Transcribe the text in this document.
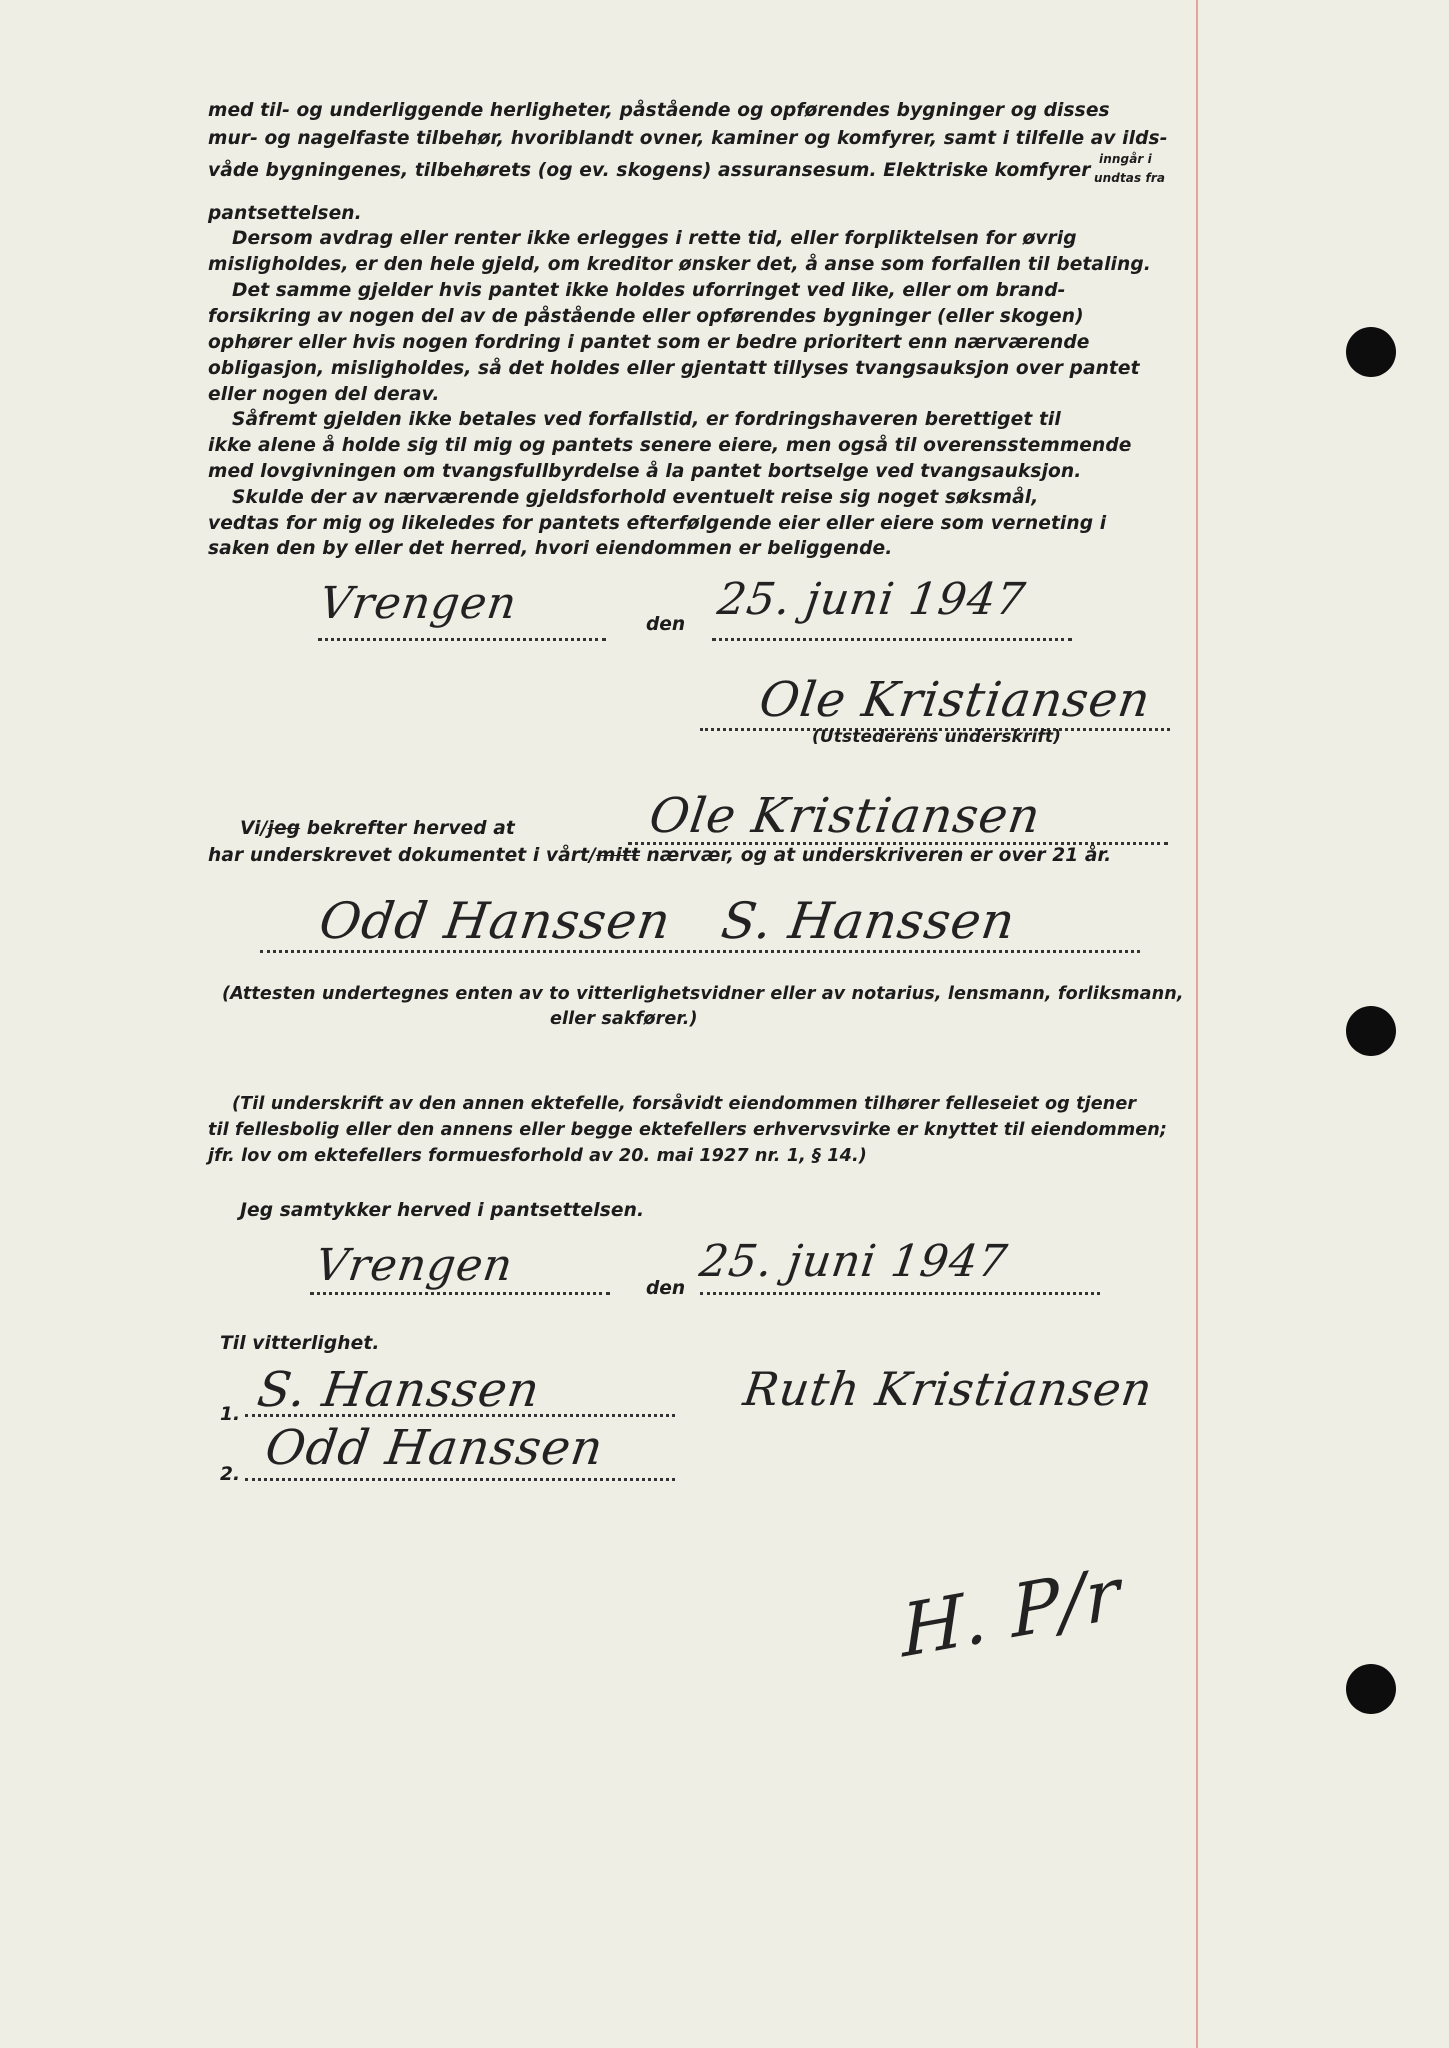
med til- og underliggende herligheter, påstående og opførendes bygninger og disses
mur- og nagelfaste tilbehør, hvoriblandt ovner, kaminer og komfyrer, samt i tilfelle av ilds-
våde bygningenes, tilbehørets (og ev. skogens) assuransesum. Elektriske komfyrer
inngår i
undtas fra
pantsettelsen.
Dersom avdrag eller renter ikke erlegges i rette tid, eller forpliktelsen for øvrig
misligholdes, er den hele gjeld, om kreditor ønsker det, å anse som forfallen til betaling.
Det samme gjelder hvis pantet ikke holdes uforringet ved like, eller om brand-
forsikring av nogen del av de påstående eller opførendes bygninger (eller skogen)
ophører eller hvis nogen fordring i pantet som er bedre prioritert enn nærværende
obligasjon, misligholdes, så det holdes eller gjentatt tillyses tvangsauksjon over pantet
eller nogen del derav.
Såfremt gjelden ikke betales ved forfallstid, er fordringshaveren berettiget til
ikke alene å holde sig til mig og pantets senere eiere, men også til overensstemmende
med lovgivningen om tvangsfullbyrdelse å la pantet bortselge ved tvangsauksjon.
Skulde der av nærværende gjeldsforhold eventuelt reise sig noget søksmål,
vedtas for mig og likeledes for pantets efterfølgende eier eller eiere som verneting i
saken den by eller det herred, hvori eiendommen er beliggende.
Vrengen	den 25. juni 1947
Ole Kristiansen
(Utstederens underskrift)
Vi/jeg bekrefter herved at	Ole Kristiansen
har underskrevet dokumentet i vårt/mitt nærvær, og at underskriveren er over 21 år.
Odd Hanssen S. Hanssen
(Attesten undertegnes enten av to vitterlighetsvidner eller av notarius, lensmann, forliksmann,
eller sakfører.)
(Til underskrift av den annen ektefelle, forsåvidt eiendommen tilhører felleseiet og tjener
til fellesbolig eller den annens eller begge ektefellers erhvervsvirke er knyttet til eiendommen;
jfr. lov om ektefellers formuesforhold av 20. mai 1927 nr. 1, § 14.)
Jeg samtykker herved i pantsettelsen.
Vrengen	den
25. juni 1947
Til vitterlighet.
1. S. Hanssen	Ruth Kristiansen
2. Odd Hanssen
H. P/r
